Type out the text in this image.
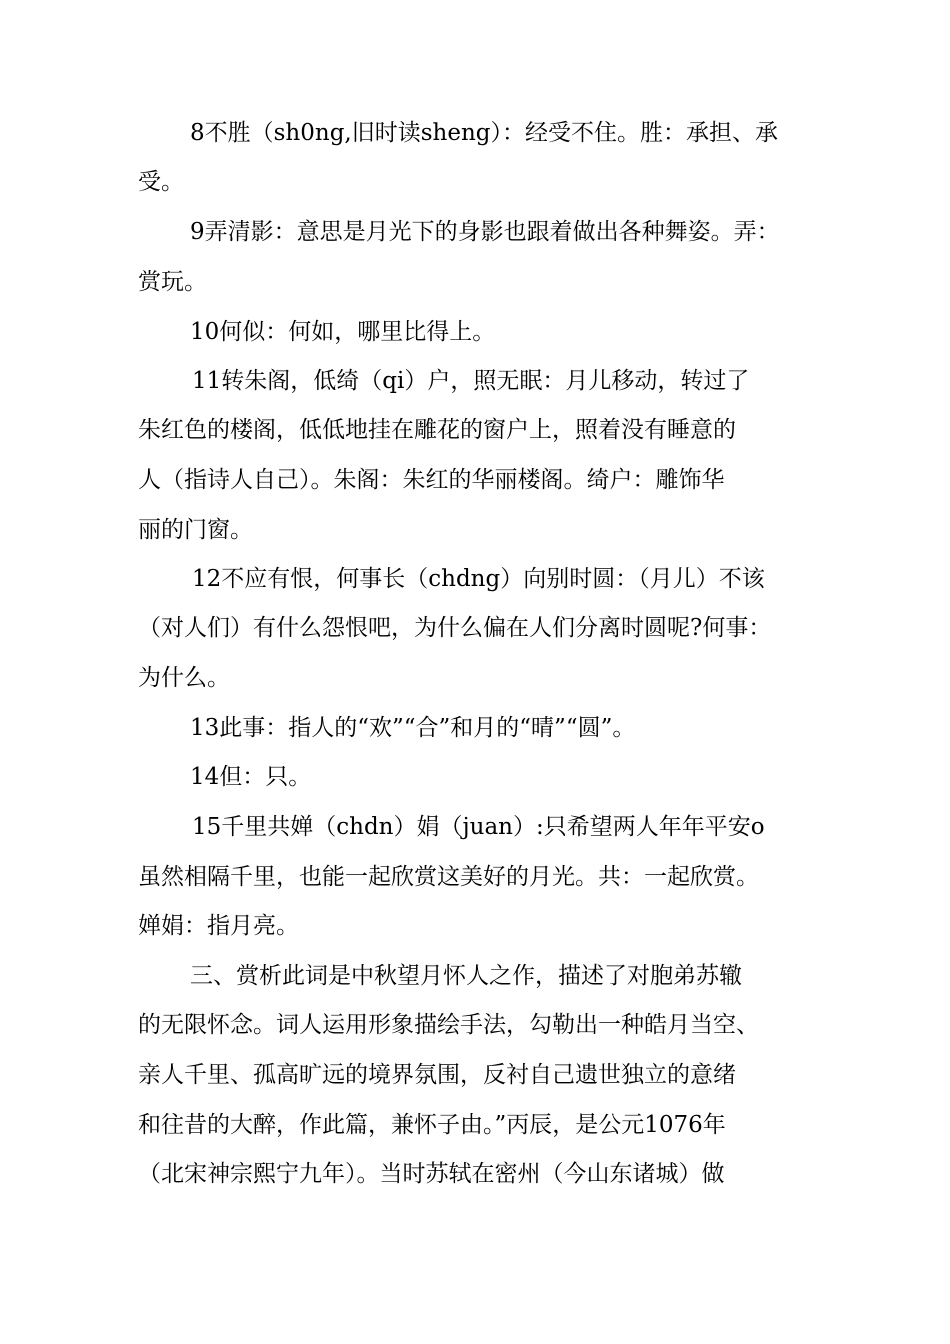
8不胜（sh0ng,旧时读sheng）：经受不住。胜：承担、承
受。
9弄清影：意思是月光下的身影也跟着做出各种舞姿。弄：
赏玩。
10何似：何如，哪里比得上。
11转朱阁，低绮（qi）户，照无眠：月儿移动，转过了
朱红色的楼阁，低低地挂在雕花的窗户上，照着没有睡意的
人（指诗人自己）。朱阁：朱红的华丽楼阁。绮户：雕饰华
丽的门窗。
12不应有恨，何事长（chdng）向别时圆：（月儿）不该
（对人们）有什么怨恨吧，为什么偏在人们分离时圆呢?何事：
为什么。
13此事：指人的“欢”“合”和月的“晴”“圆”。
14但：只。
15千里共婵（chdn）娟（juan）:只希望两人年年平安o
虽然相隔千里，也能一起欣赏这美好的月光。共：一起欣赏。
婵娟：指月亮。
三、赏析此词是中秋望月怀人之作，描述了对胞弟苏辙
的无限怀念。词人运用形象描绘手法，勾勒出一种皓月当空、
亲人千里、孤高旷远的境界氛围，反衬自己遗世独立的意绪
和往昔的大醉，作此篇，兼怀子由。”丙辰，是公元1076年
（北宋神宗熙宁九年）。当时苏轼在密州（今山东诸城）做
